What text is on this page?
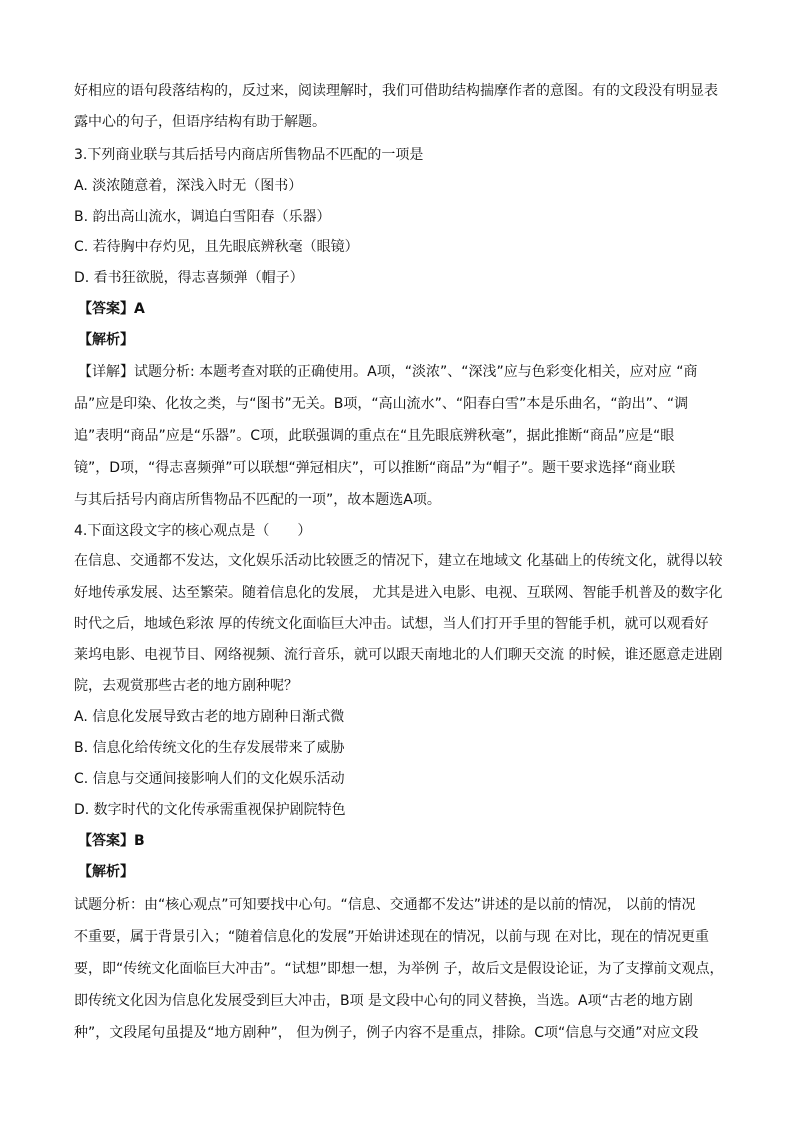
好相应的语句段落结构的，反过来，阅读理解时，我们可借助结构揣摩作者的意图。有的文段没有明显表
露中心的句子，但语序结构有助于解题。
3.下列商业联与其后括号内商店所售物品不匹配的一项是
A. 淡浓随意着，深浅入时无（图书）
B. 韵出高山流水，调追白雪阳春（乐器）
C. 若待胸中存灼见，且先眼底辨秋毫（眼镜）
D. 看书狂欲脱，得志喜频弹（帽子）
【答案】A
【解析】
【详解】试题分析: 本题考查对联的正确使用。A项，“淡浓”、“深浅”应与色彩变化相关，应对应 “商
品”应是印染、化妆之类，与“图书”无关。B项，“高山流水”、“阳春白雪”本是乐曲名，“韵出”、“调
追”表明“商品”应是“乐器”。C项，此联强调的重点在“且先眼底辨秋毫”，据此推断“商品”应是“眼
镜”，D项，“得志喜频弹”可以联想“弹冠相庆”，可以推断“商品”为“帽子”。题干要求选择“商业联
与其后括号内商店所售物品不匹配的一项”，故本题选A项。
4.下面这段文字的核心观点是（　　）
在信息、交通都不发达，文化娱乐活动比较匮乏的情况下，建立在地域文 化基础上的传统文化，就得以较
好地传承发展、达至繁荣。随着信息化的发展， 尤其是进入电影、电视、互联网、智能手机普及的数字化
时代之后，地域色彩浓 厚的传统文化面临巨大冲击。试想，当人们打开手里的智能手机，就可以观看好
莱坞电影、电视节目、网络视频、流行音乐，就可以跟天南地北的人们聊天交流 的时候，谁还愿意走进剧
院，去观赏那些古老的地方剧种呢？
A. 信息化发展导致古老的地方剧种日渐式微
B. 信息化给传统文化的生存发展带来了威胁
C. 信息与交通间接影响人们的文化娱乐活动
D. 数字时代的文化传承需重视保护剧院特色
【答案】B
【解析】
试题分析：由“核心观点”可知要找中心句。“信息、交通都不发达”讲述的是以前的情况， 以前的情况
不重要，属于背景引入；“随着信息化的发展”开始讲述现在的情况，以前与现 在对比，现在的情况更重
要，即“传统文化面临巨大冲击”。“试想”即想一想，为举例 子，故后文是假设论证，为了支撑前文观点，
即传统文化因为信息化发展受到巨大冲击，B项 是文段中心句的同义替换，当选。A项“古老的地方剧
种”，文段尾句虽提及“地方剧种”， 但为例子，例子内容不是重点，排除。C项“信息与交通”对应文段
